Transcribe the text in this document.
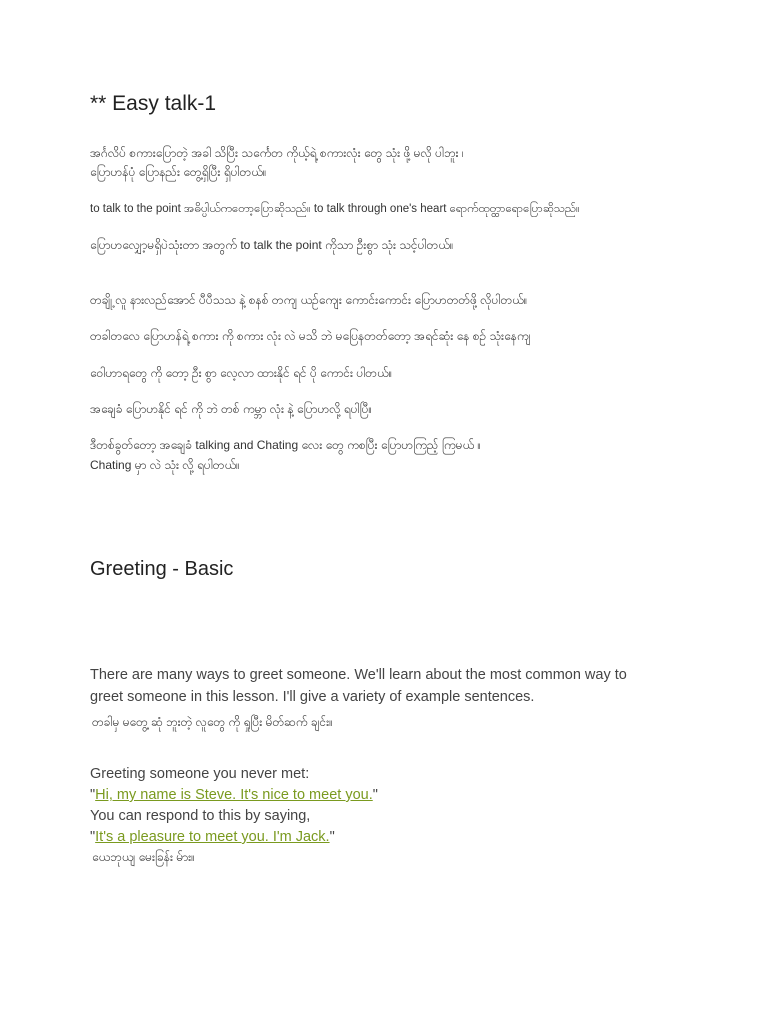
** Easy talk-1
အင်္ဂလိပ် စကားပြောတဲ့ အခါ သိပြီး သင်္ကေတ ကိုယ့်ရဲ့ စကားလုံး တွေ သုံး ဖို့ မလို ပါဘူး ၊
ပြောဟန်ပုံ ပြောနည်း တွေ့ရှိပြီး ရှိပါတယ်။
to talk to the point အဓိပ္ပါယ်ကတော့ပြောဆိုသည်။ to talk through one's heart ရောက်ထုတ္ထာရောပြောဆိုသည်။
ပြောဟလျှော့မရှိပဲသုံးတာ အတွက် to talk the point ကိုသာ ဦးစွာ သုံး သင့်ပါတယ်။
တချို့ လူ နားလည်အောင် ပီပီသသ နဲ့ စနစ် တကျ ယဉ်ကျေး ကောင်းကောင်း ပြောဟတတ်ဖို့ လိုပါတယ်။
တခါတလေ ပြောဟန်ရဲ့ စကား ကို စကား လုံး လဲ မသိ ဘဲ မပြေနတတ်တော့ အရင်ဆုံး နေ စဉ် သုံးနေကျ
ဝေါဟာရတွေ ကို တော့ ဦး စွာ လေ့လာ ထားနိုင် ရင် ပို ကောင်း ပါတယ်။
အချေခံ ပြောဟနိုင် ရင် ကို ဘဲ တစ် ကမ္ဘာ လုံး နဲ့ ပြောဟလို့ ရပါပြီ။
ဒီတစ်ခွတ်တော့ အချေခံ talking and Chating လေး တွေ ကစပြီး ပြောဟကြည့် ကြမယ် ။
Chating မှာ လဲ သုံး လို့ ရပါတယ်။
Greeting - Basic
There are many ways to greet someone. We'll learn about the most common way to
greet someone in this lesson. I'll give a variety of example sentences.
တခါမှ မတွေ့ ဆုံ ဘူးတဲ့ လူတွေ ကို ရှုပြီး မိတ်ဆက် ချင်း။
Greeting someone you never met:
"Hi, my name is Steve. It's nice to meet you."
You can respond to this by saying,
"It's a pleasure to meet you. I'm Jack."
ယေဘုယျ မေးခြန်း မ်ား။
